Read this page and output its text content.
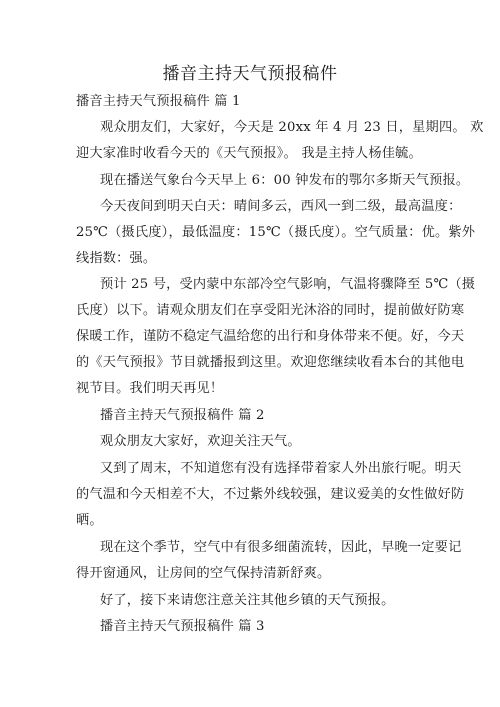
播音主持天气预报稿件
播音主持天气预报稿件 篇 1
观众朋友们，大家好，今天是 20xx 年 4 月 23 日，星期四。 欢
迎大家准时收看今天的《天气预报》。 我是主持人杨佳毓。
现在播送气象台今天早上 6：00 钟发布的鄂尔多斯天气预报。
今天夜间到明天白天：晴间多云，西风一到二级，最高温度：
25℃（摄氏度），最低温度：15℃（摄氏度）。空气质量：优。紫外
线指数：强。
预计 25 号，受内蒙中东部冷空气影响，气温将骤降至 5℃（摄
氏度）以下。请观众朋友们在享受阳光沐浴的同时，提前做好防寒
保暖工作，谨防不稳定气温给您的出行和身体带来不便。好，今天
的《天气预报》节目就播报到这里。欢迎您继续收看本台的其他电
视节目。我们明天再见！
播音主持天气预报稿件 篇 2
观众朋友大家好，欢迎关注天气。
又到了周末，不知道您有没有选择带着家人外出旅行呢。明天
的气温和今天相差不大，不过紫外线较强，建议爱美的女性做好防
晒。
现在这个季节，空气中有很多细菌流转，因此，早晚一定要记
得开窗通风，让房间的空气保持清新舒爽。
好了，接下来请您注意关注其他乡镇的天气预报。
播音主持天气预报稿件 篇 3
